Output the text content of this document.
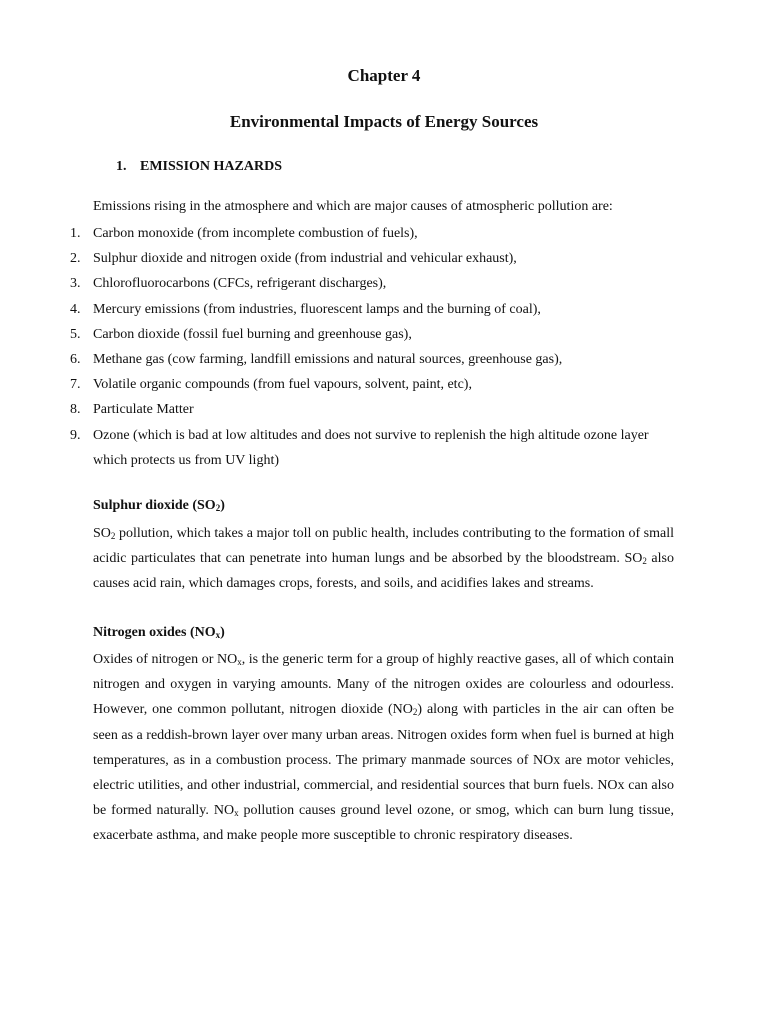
Chapter 4
Environmental Impacts of Energy Sources
1. EMISSION HAZARDS

Emissions rising in the atmosphere and which are major causes of atmospheric pollution are:

1. Carbon monoxide (from incomplete combustion of fuels),
2. Sulphur dioxide and nitrogen oxide (from industrial and vehicular exhaust),
3. Chlorofluorocarbons (CFCs, refrigerant discharges),
4. Mercury emissions (from industries, fluorescent lamps and the burning of coal),
5. Carbon dioxide (fossil fuel burning and greenhouse gas),
6. Methane gas (cow farming, landfill emissions and natural sources, greenhouse gas),
7. Volatile organic compounds (from fuel vapours, solvent, paint, etc),
8. Particulate Matter
9. Ozone (which is bad at low altitudes and does not survive to replenish the high altitude ozone layer which protects us from UV light)

Sulphur dioxide $(SO_2)$

$SO_2$ pollution, which takes a major toll on public health, includes contributing to the formation of small acidic particulates that can penetrate into human lungs and be absorbed by the bloodstream. $SO_2$ also causes acid rain, which damages crops, forests, and soils, and acidifies lakes and streams.

Nitrogen oxides $(NO_x)$

Oxides of nitrogen or $NO_x$, is the generic term for a group of highly reactive gases, all of which contain nitrogen and oxygen in varying amounts. Many of the nitrogen oxides are colourless and odourless. However, one common pollutant, nitrogen dioxide $(NO_2)$ along with particles in the air can often be seen as a reddish-brown layer over many urban areas. Nitrogen oxides form when fuel is burned at high temperatures, as in a combustion process. The primary manmade sources of NOx are motor vehicles, electric utilities, and other industrial, commercial, and residential sources that burn fuels. NOx can also be formed naturally. $NO_x$ pollution causes ground level ozone, or smog, which can burn lung tissue, exacerbate asthma, and make people more susceptible to chronic respiratory diseases.
